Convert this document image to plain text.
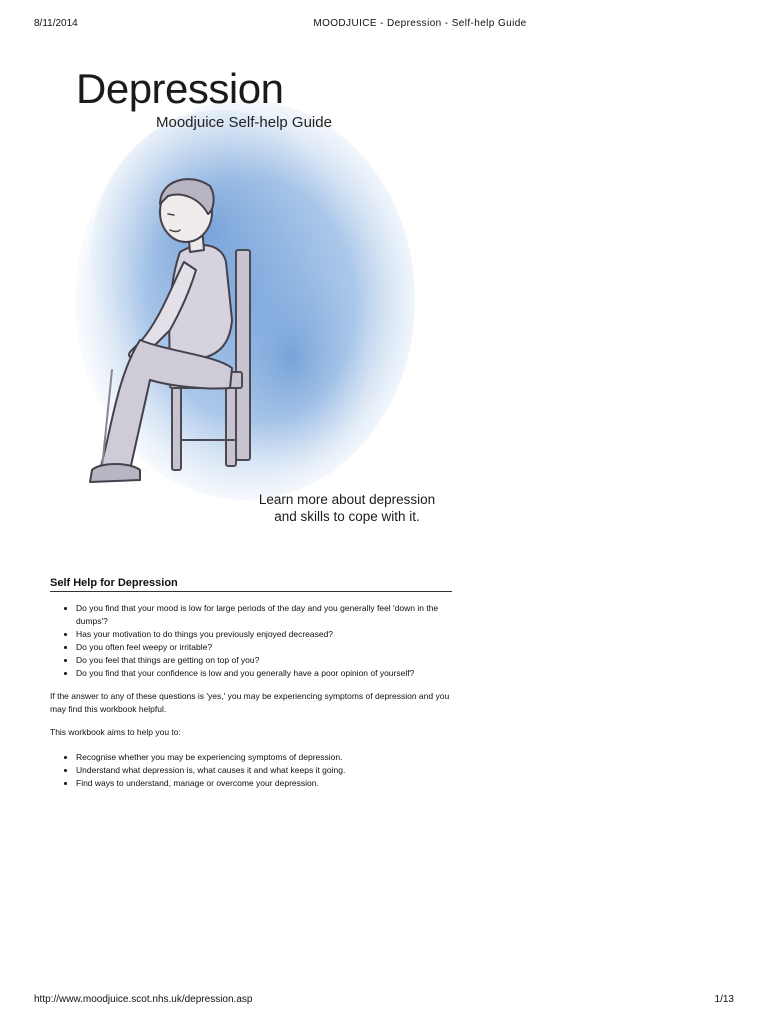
8/11/2014	MOODJUICE - Depression - Self-help Guide
Depression
Moodjuice Self-help Guide
Learn more about depression
and skills to cope with it.
Self Help for Depression
• Do you find that your mood is low for large periods of the day and you generally feel 'down in the dumps'?
• Has your motivation to do things you previously enjoyed decreased?
• Do you often feel weepy or irritable?
• Do you feel that things are getting on top of you?
• Do you find that your confidence is low and you generally have a poor opinion of yourself?

If the answer to any of these questions is 'yes,' you may be experiencing symptoms of depression and you may find this workbook helpful.

This workbook aims to help you to:

• Recognise whether you may be experiencing symptoms of depression.
• Understand what depression is, what causes it and what keeps it going.
• Find ways to understand, manage or overcome your depression.
http://www.moodjuice.scot.nhs.uk/depression.asp	1/13
